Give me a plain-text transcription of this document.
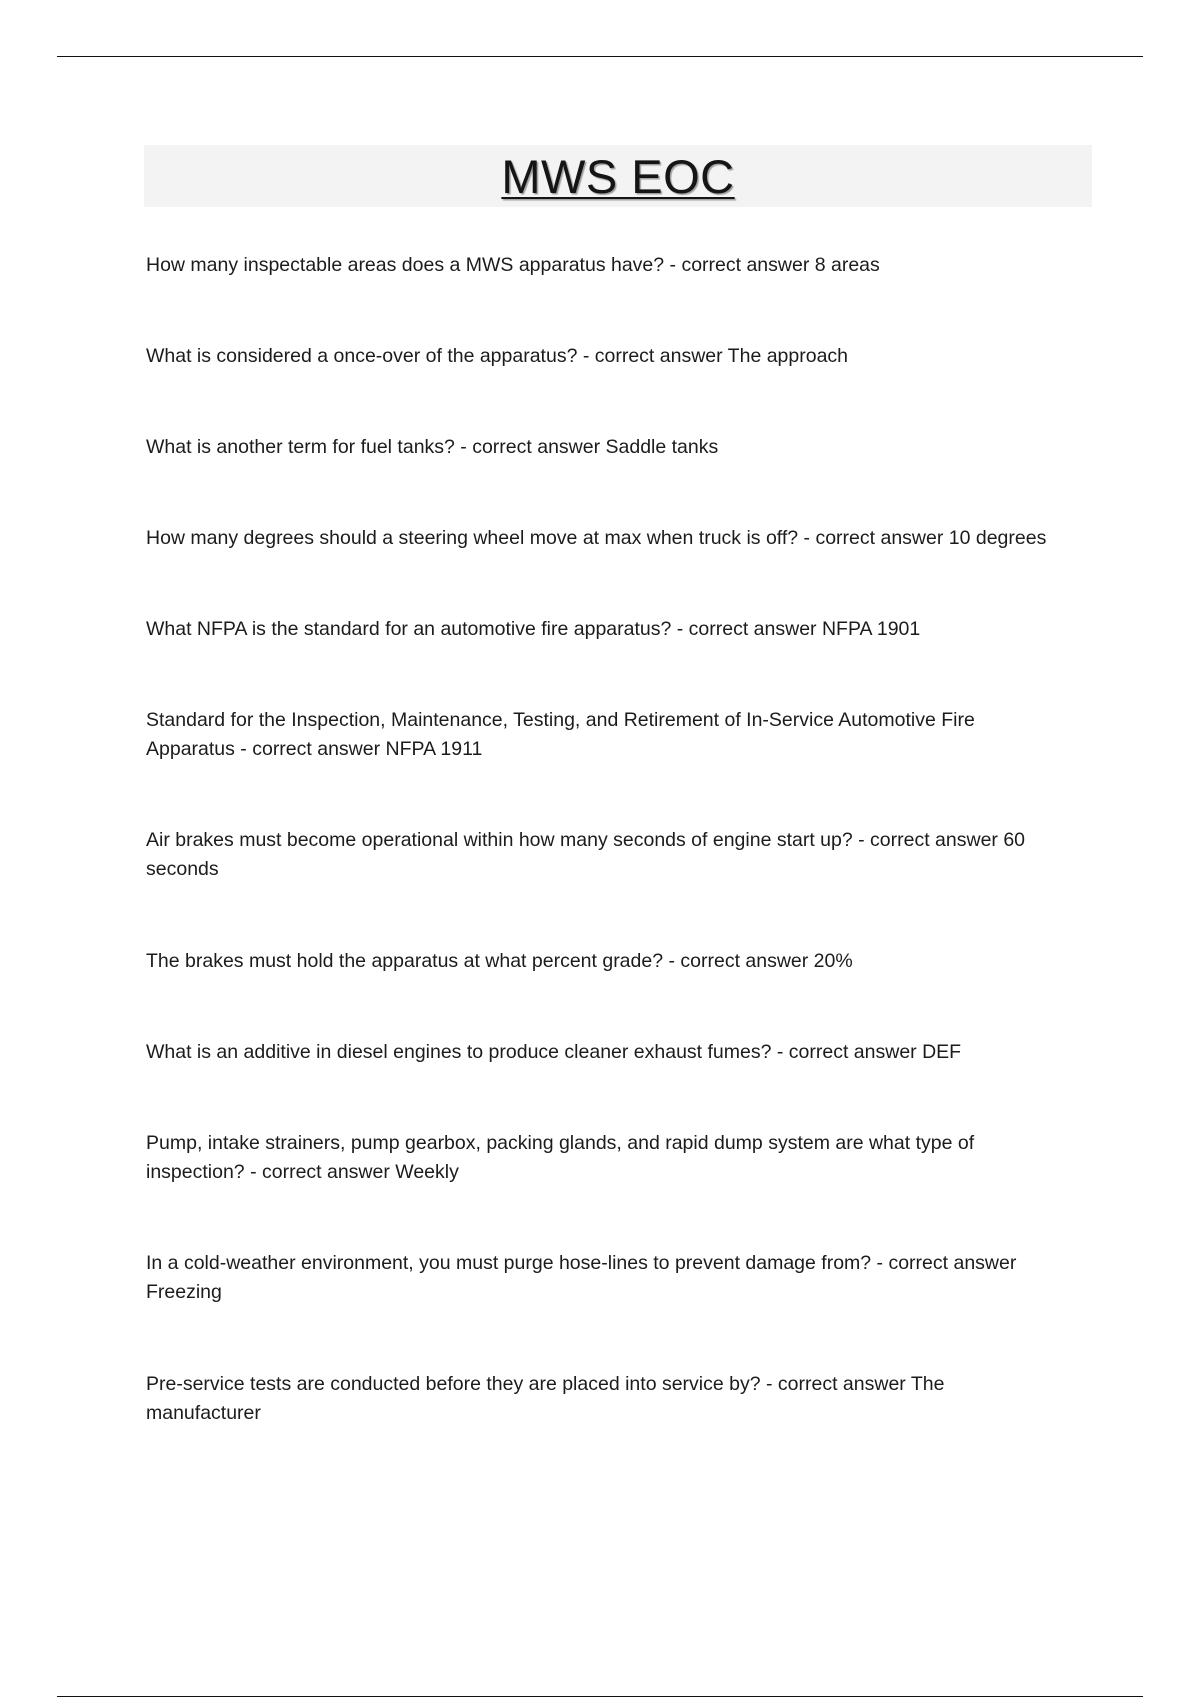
MWS EOC

How many inspectable areas does a MWS apparatus have? - correct answer 8 areas

What is considered a once-over of the apparatus? - correct answer The approach

What is another term for fuel tanks? - correct answer Saddle tanks

How many degrees should a steering wheel move at max when truck is off? - correct answer 10 degrees

What NFPA is the standard for an automotive fire apparatus? - correct answer NFPA 1901

Standard for the Inspection, Maintenance, Testing, and Retirement of In-Service Automotive Fire Apparatus - correct answer NFPA 1911

Air brakes must become operational within how many seconds of engine start up? - correct answer 60 seconds

The brakes must hold the apparatus at what percent grade? - correct answer 20%

What is an additive in diesel engines to produce cleaner exhaust fumes? - correct answer DEF

Pump, intake strainers, pump gearbox, packing glands, and rapid dump system are what type of inspection? - correct answer Weekly

In a cold-weather environment, you must purge hose-lines to prevent damage from? - correct answer Freezing

Pre-service tests are conducted before they are placed into service by? - correct answer The manufacturer
